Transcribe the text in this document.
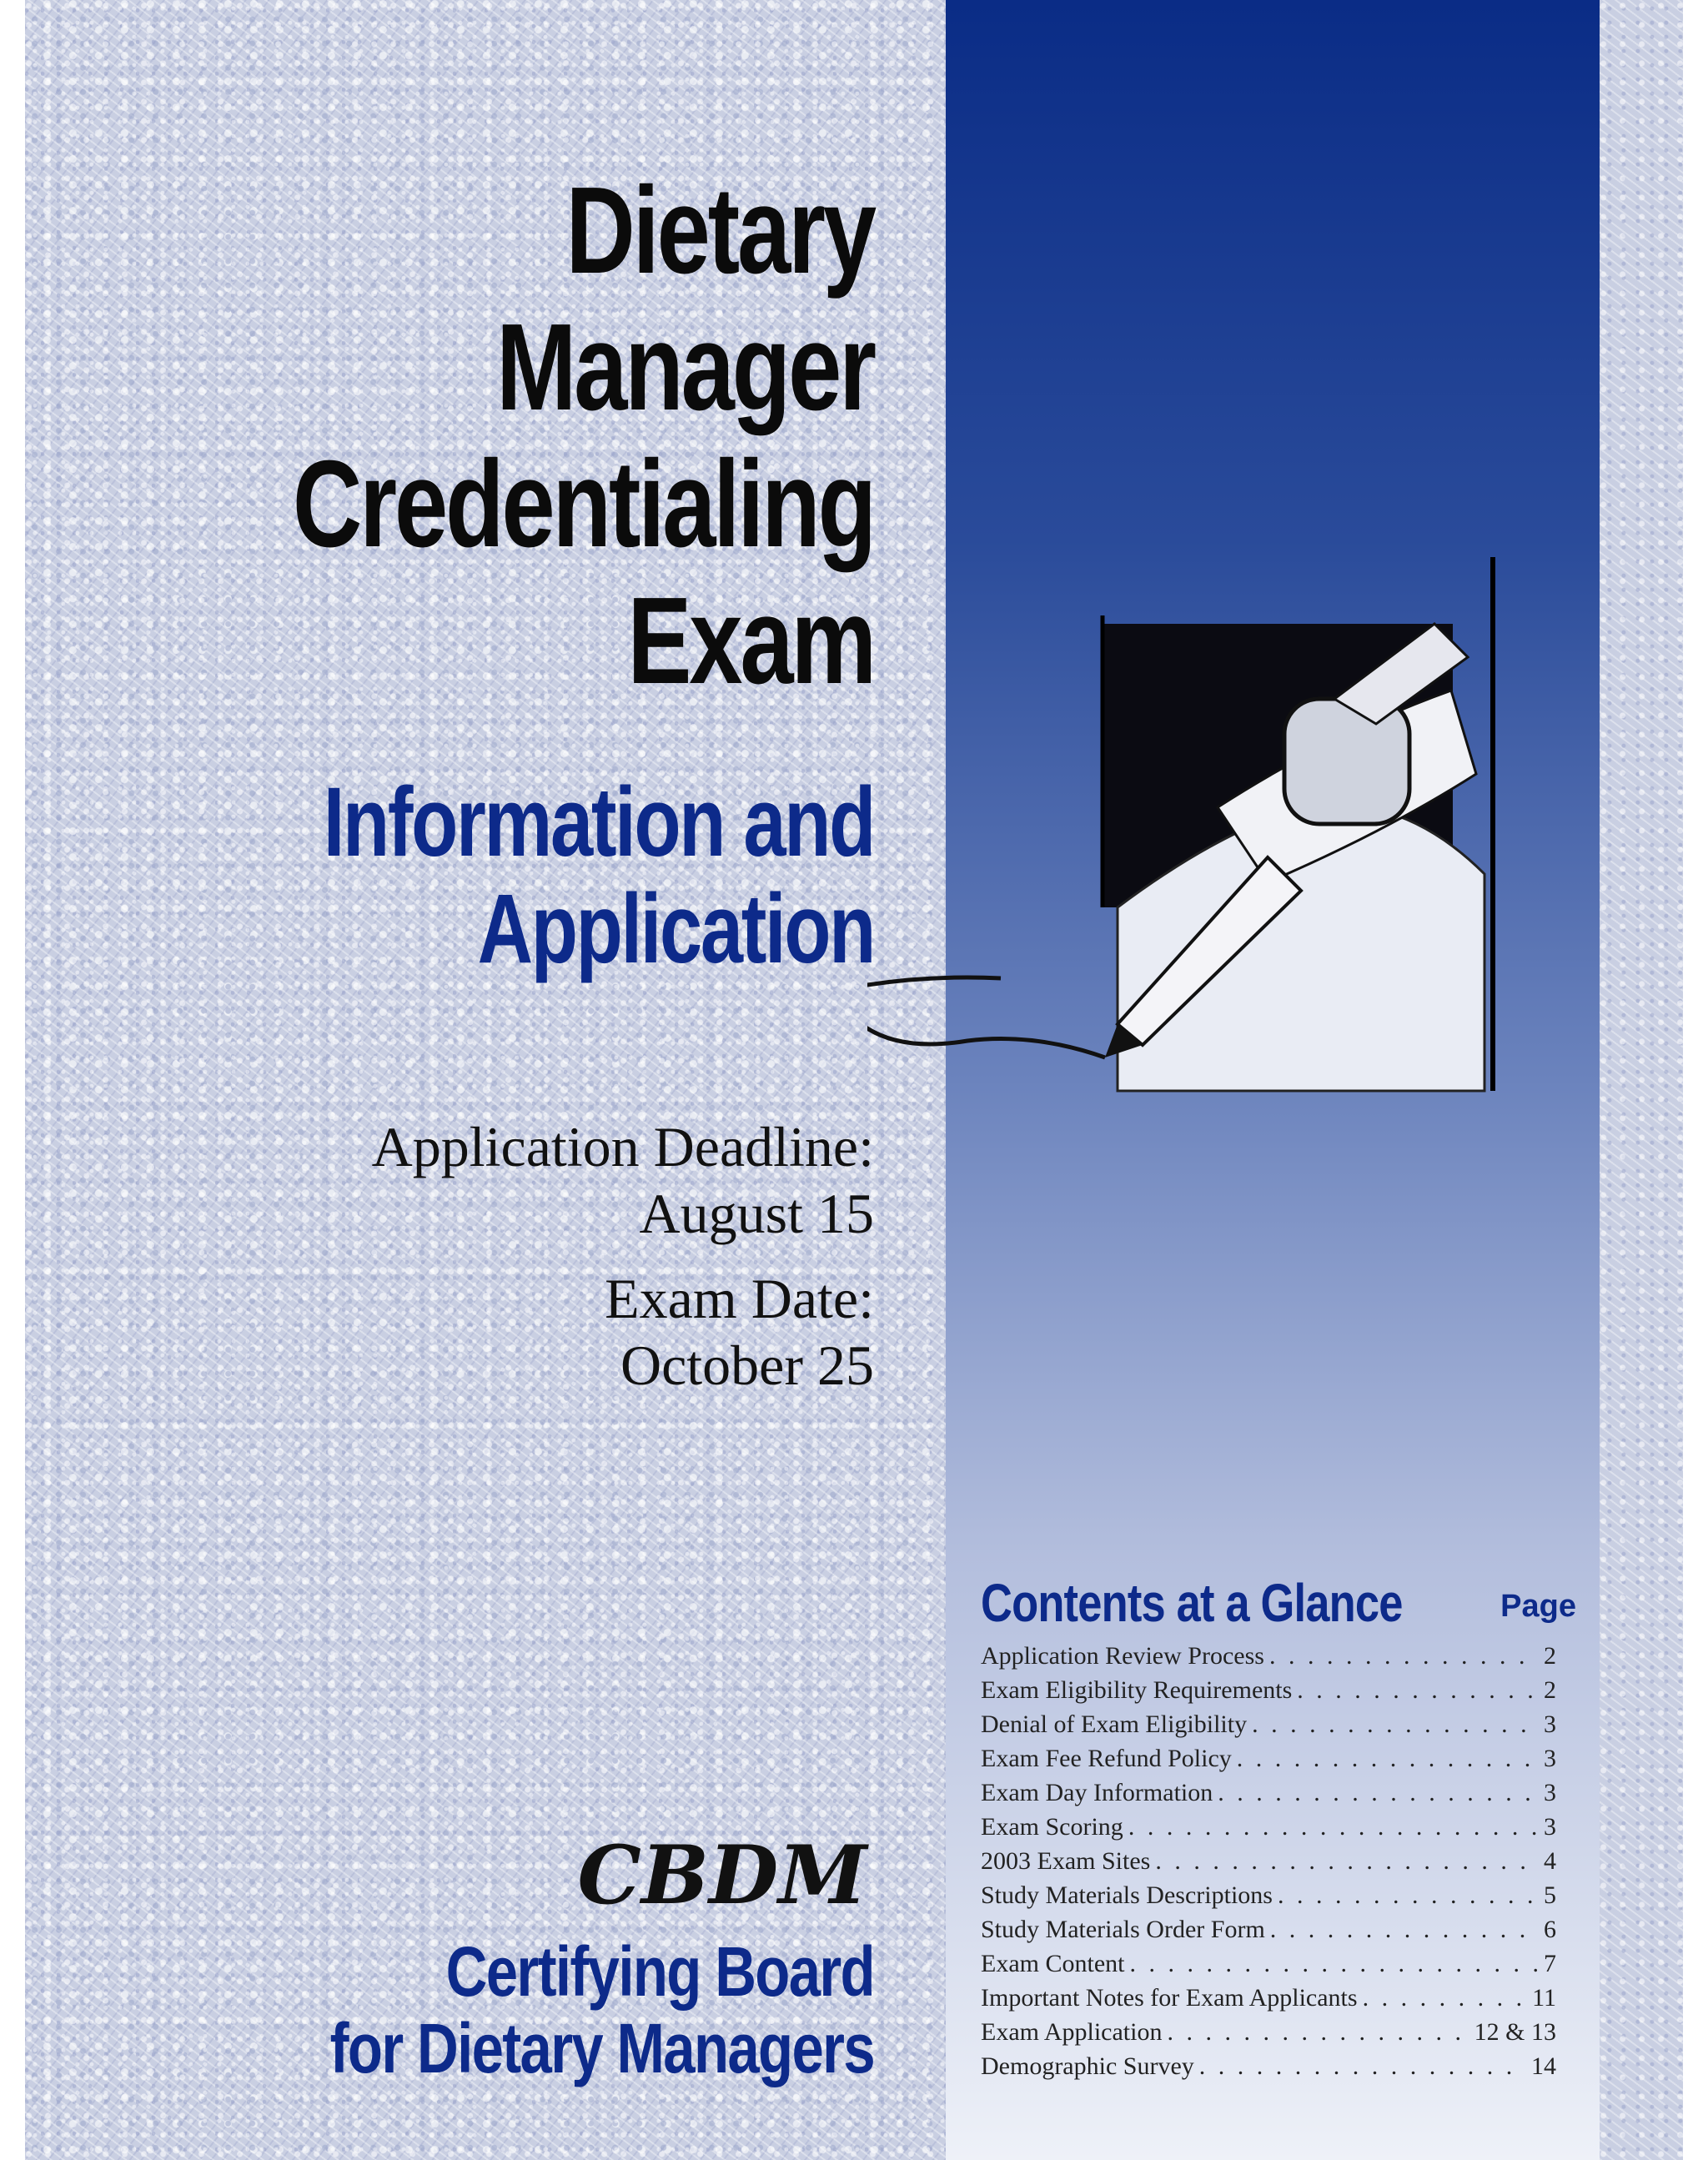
Dietary
Manager
Credentialing
Exam
Information and
Application
Application Deadline:
August 15
Exam Date:
October 25
CBDM
Certifying Board
for Dietary Managers
Contents at a Glance	Page
Application Review Process . . .	2
Exam Eligibility Requirements . . .	2
Denial of Exam Eligibility . . .	3
Exam Fee Refund Policy . . .	3
Exam Day Information . . .	3
Exam Scoring . . .	3
2003 Exam Sites . . .	4
Study Materials Descriptions . . .	5
Study Materials Order Form . . .	6
Exam Content . . .	7
Important Notes for Exam Applicants . . .	11
Exam Application . . .	12 & 13
Demographic Survey . . .	14
